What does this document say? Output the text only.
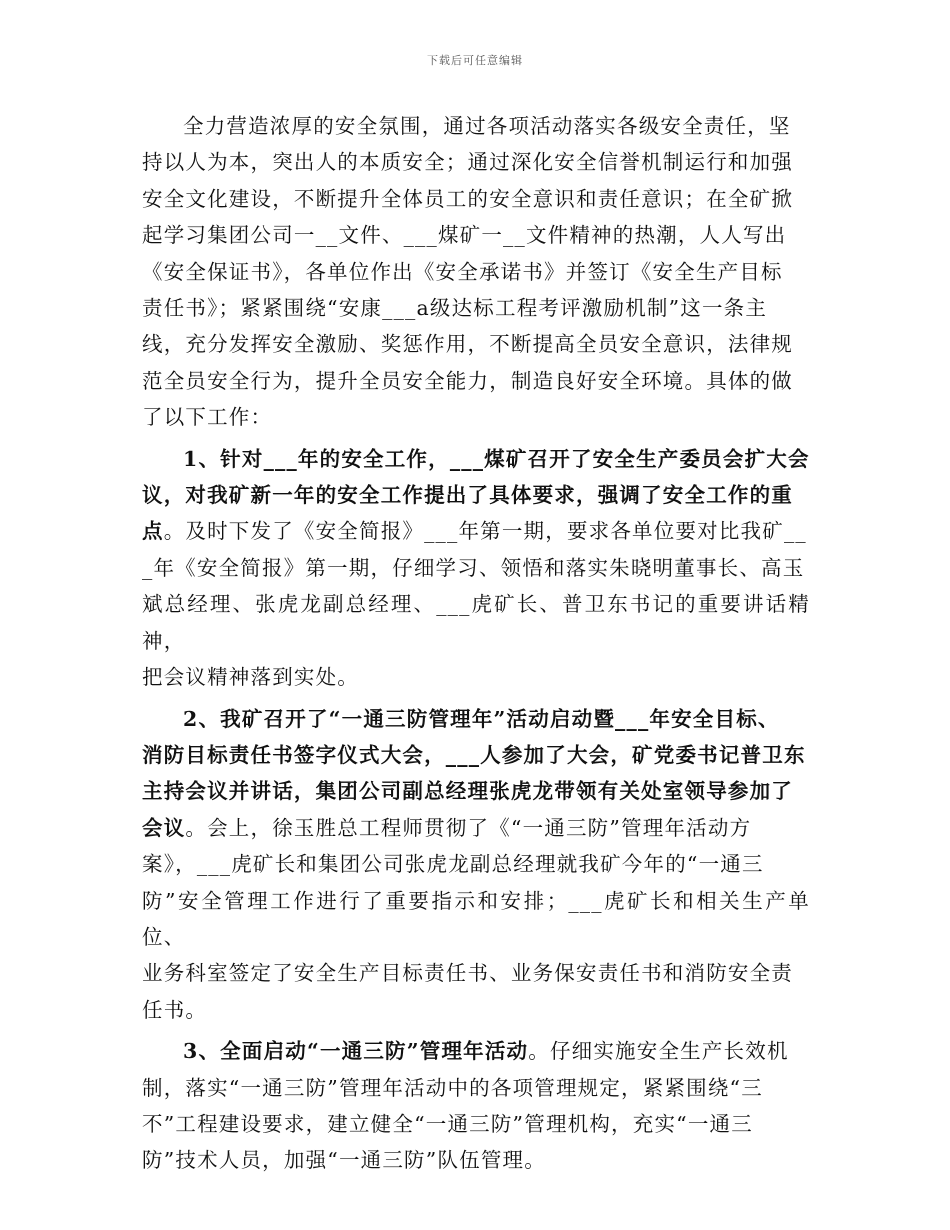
下载后可任意编辑
全力营造浓厚的安全氛围，通过各项活动落实各级安全责任，坚
持以人为本，突出人的本质安全；通过深化安全信誉机制运行和加强
安全文化建设，不断提升全体员工的安全意识和责任意识；在全矿掀
起学习集团公司一__文件、___煤矿一__文件精神的热潮，人人写出
《安全保证书》，各单位作出《安全承诺书》并签订《安全生产目标
责任书》；紧紧围绕“安康___a级达标工程考评激励机制”这一条主
线，充分发挥安全激励、奖惩作用，不断提高全员安全意识，法律规
范全员安全行为，提升全员安全能力，制造良好安全环境。具体的做
了以下工作：
1、针对___年的安全工作，___煤矿召开了安全生产委员会扩大会
议，对我矿新一年的安全工作提出了具体要求，强调了安全工作的重
点。及时下发了《安全简报》___年第一期，要求各单位要对比我矿__
_年《安全简报》第一期，仔细学习、领悟和落实朱晓明董事长、高玉
斌总经理、张虎龙副总经理、___虎矿长、普卫东书记的重要讲话精神，
把会议精神落到实处。
2、我矿召开了“一通三防管理年”活动启动暨___年安全目标、
消防目标责任书签字仪式大会，___人参加了大会，矿党委书记普卫东
主持会议并讲话，集团公司副总经理张虎龙带领有关处室领导参加了
会议。会上，徐玉胜总工程师贯彻了《“一通三防”管理年活动方
案》，___虎矿长和集团公司张虎龙副总经理就我矿今年的“一通三
防”安全管理工作进行了重要指示和安排；___虎矿长和相关生产单位、
业务科室签定了安全生产目标责任书、业务保安责任书和消防安全责
任书。
3、全面启动“一通三防”管理年活动。仔细实施安全生产长效机
制，落实“一通三防”管理年活动中的各项管理规定，紧紧围绕“三
不”工程建设要求，建立健全“一通三防”管理机构，充实“一通三
防”技术人员，加强“一通三防”队伍管理。
